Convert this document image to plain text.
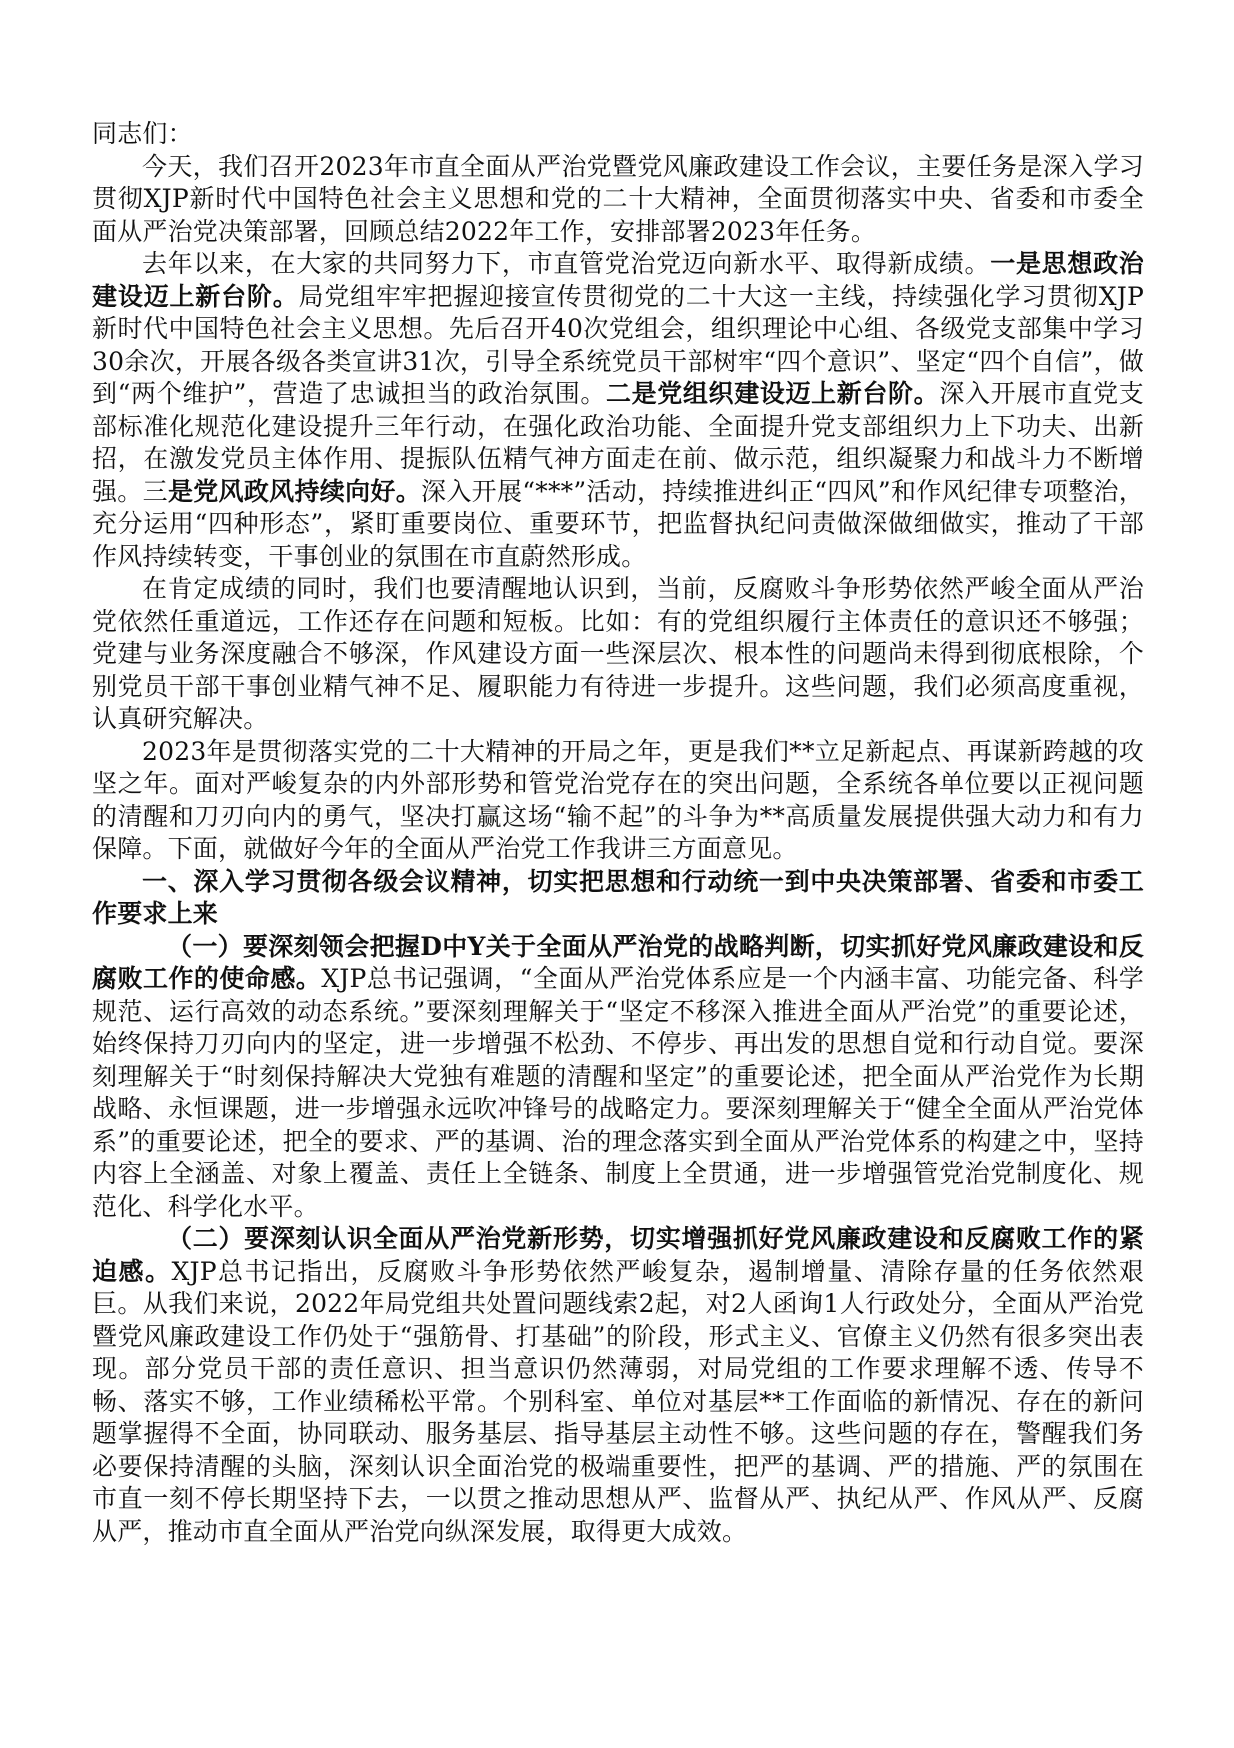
同志们：

今天，我们召开2023年市直全面从严治党暨党风廉政建设工作会议，主要任务是深入学习贯彻XJP新时代中国特色社会主义思想和党的二十大精神，全面贯彻落实中央、省委和市委全面从严治党决策部署，回顾总结2022年工作，安排部署2023年任务。

去年以来，在大家的共同努力下，市直管党治党迈向新水平、取得新成绩。一是思想政治建设迈上新台阶。局党组牢牢把握迎接宣传贯彻党的二十大这一主线，持续强化学习贯彻XJP新时代中国特色社会主义思想。先后召开40次党组会，组织理论中心组、各级党支部集中学习30余次，开展各级各类宣讲31次，引导全系统党员干部树牢“四个意识”、坚定“四个自信”，做到“两个维护”，营造了忠诚担当的政治氛围。二是党组织建设迈上新台阶。深入开展市直党支部标准化规范化建设提升三年行动，在强化政治功能、全面提升党支部组织力上下功夫、出新招，在激发党员主体作用、提振队伍精气神方面走在前、做示范，组织凝聚力和战斗力不断增强。三是党风政风持续向好。深入开展“***”活动，持续推进纠正“四风”和作风纪律专项整治，充分运用“四种形态”，紧盯重要岗位、重要环节，把监督执纪问责做深做细做实，推动了干部作风持续转变，干事创业的氛围在市直蔚然形成。

在肯定成绩的同时，我们也要清醒地认识到，当前，反腐败斗争形势依然严峻全面从严治党依然任重道远，工作还存在问题和短板。比如：有的党组织履行主体责任的意识还不够强；党建与业务深度融合不够深，作风建设方面一些深层次、根本性的问题尚未得到彻底根除，个别党员干部干事创业精气神不足、履职能力有待进一步提升。这些问题，我们必须高度重视，认真研究解决。

2023年是贯彻落实党的二十大精神的开局之年，更是我们**立足新起点、再谋新跨越的攻坚之年。面对严峻复杂的内外部形势和管党治党存在的突出问题，全系统各单位要以正视问题的清醒和刀刃向内的勇气，坚决打赢这场“输不起”的斗争为**高质量发展提供强大动力和有力保障。下面，就做好今年的全面从严治党工作我讲三方面意见。

一、深入学习贯彻各级会议精神，切实把思想和行动统一到中央决策部署、省委和市委工作要求上来

（一）要深刻领会把握D中Y关于全面从严治党的战略判断，切实抓好党风廉政建设和反腐败工作的使命感。XJP总书记强调，“全面从严治党体系应是一个内涵丰富、功能完备、科学规范、运行高效的动态系统。”要深刻理解关于“坚定不移深入推进全面从严治党”的重要论述，始终保持刀刃向内的坚定，进一步增强不松劲、不停步、再出发的思想自觉和行动自觉。要深刻理解关于“时刻保持解决大党独有难题的清醒和坚定”的重要论述，把全面从严治党作为长期战略、永恒课题，进一步增强永远吹冲锋号的战略定力。要深刻理解关于“健全全面从严治党体系”的重要论述，把全的要求、严的基调、治的理念落实到全面从严治党体系的构建之中，坚持内容上全涵盖、对象上覆盖、责任上全链条、制度上全贯通，进一步增强管党治党制度化、规范化、科学化水平。

（二）要深刻认识全面从严治党新形势，切实增强抓好党风廉政建设和反腐败工作的紧迫感。XJP总书记指出，反腐败斗争形势依然严峻复杂，遏制增量、清除存量的任务依然艰巨。从我们来说，2022年局党组共处置问题线索2起，对2人函询1人行政处分，全面从严治党暨党风廉政建设工作仍处于“强筋骨、打基础”的阶段，形式主义、官僚主义仍然有很多突出表现。部分党员干部的责任意识、担当意识仍然薄弱，对局党组的工作要求理解不透、传导不畅、落实不够，工作业绩稀松平常。个别科室、单位对基层**工作面临的新情况、存在的新问题掌握得不全面，协同联动、服务基层、指导基层主动性不够。这些问题的存在，警醒我们务必要保持清醒的头脑，深刻认识全面治党的极端重要性，把严的基调、严的措施、严的氛围在市直一刻不停长期坚持下去，一以贯之推动思想从严、监督从严、执纪从严、作风从严、反腐从严，推动市直全面从严治党向纵深发展，取得更大成效。
